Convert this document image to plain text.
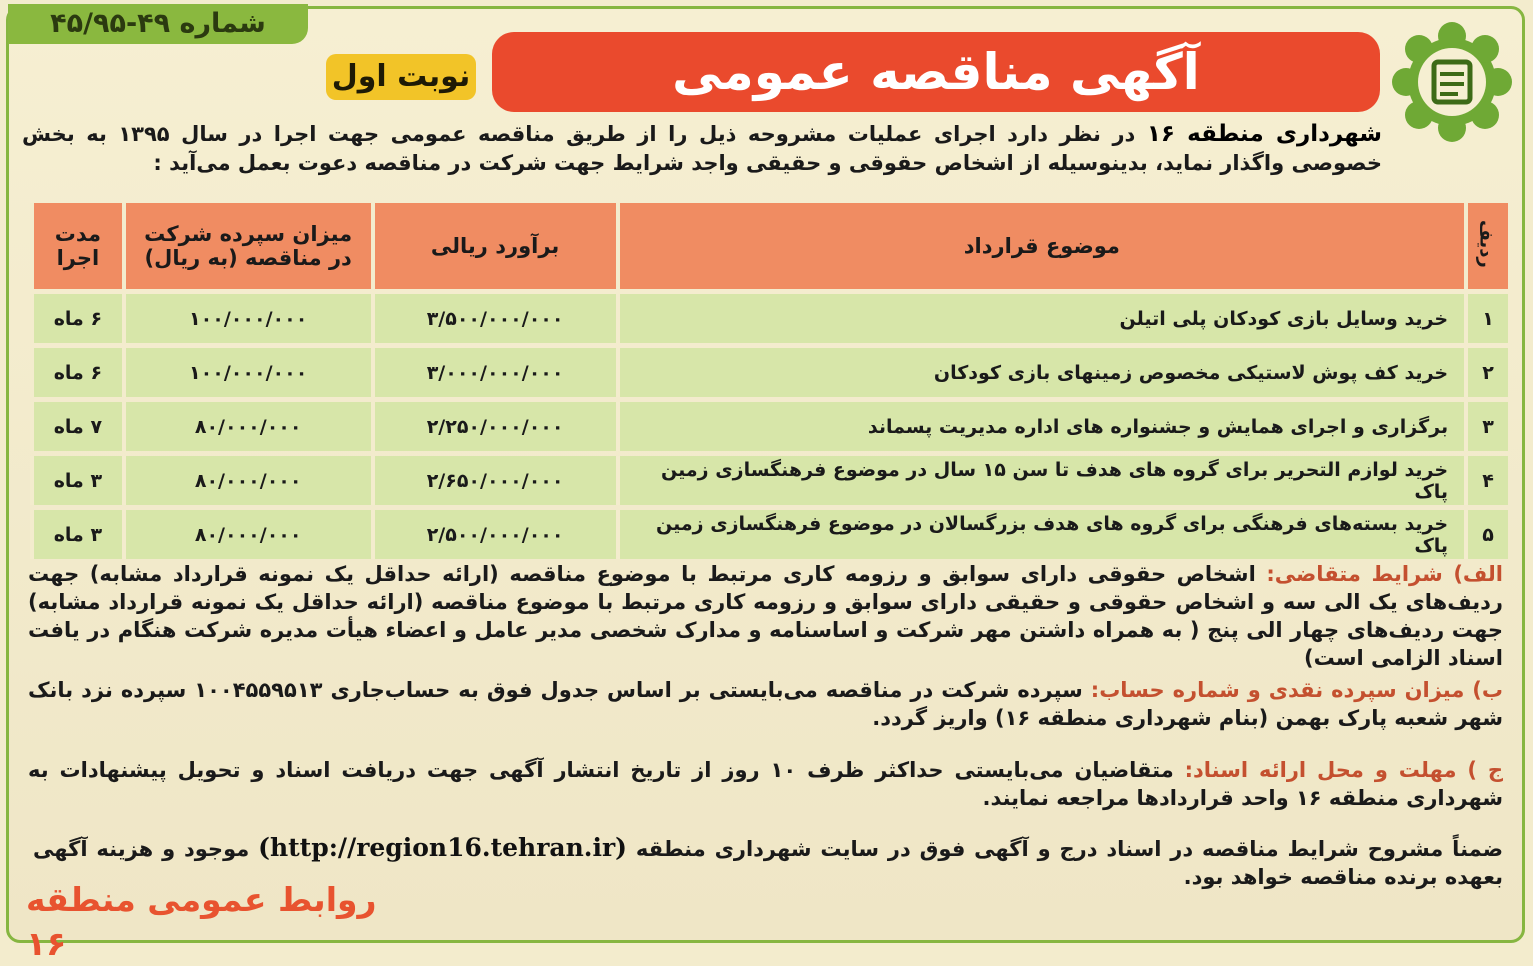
شماره ۴۹-۴۵/۹۵
نوبت اول	آگهی مناقصه عمومی
شهرداری منطقه ۱۶ در نظر دارد اجرای عملیات مشروحه ذیل را از طریق مناقصه عمومی جهت اجرا در سال ۱۳۹۵ به بخش خصوصی واگذار نماید، بدینوسیله از اشخاص حقوقی و حقیقی واجد شرایط جهت شرکت در مناقصه دعوت بعمل می‌آید :
ردیف	موضوع قرارداد	برآورد ریالی	میزان سپرده شرکت در مناقصه (به ریال)	مدت اجرا
۱	خرید وسایل بازی کودکان پلی اتیلن	۳/۵۰۰/۰۰۰/۰۰۰	۱۰۰/۰۰۰/۰۰۰	۶ ماه
۲	خرید کف پوش لاستیکی مخصوص زمینهای بازی کودکان	۳/۰۰۰/۰۰۰/۰۰۰	۱۰۰/۰۰۰/۰۰۰	۶ ماه
۳	برگزاری و اجرای همایش و جشنواره های اداره مدیریت پسماند	۲/۲۵۰/۰۰۰/۰۰۰	۸۰/۰۰۰/۰۰۰	۷ ماه
۴	خرید لوازم التحریر برای گروه های هدف تا سن ۱۵ سال در موضوع فرهنگسازی زمین پاک	۲/۶۵۰/۰۰۰/۰۰۰	۸۰/۰۰۰/۰۰۰	۳ ماه
۵	خرید بسته‌های فرهنگی برای گروه های هدف بزرگسالان در موضوع فرهنگسازی زمین پاک	۲/۵۰۰/۰۰۰/۰۰۰	۸۰/۰۰۰/۰۰۰	۳ ماه
الف) شرایط متقاضی: اشخاص حقوقی دارای سوابق و رزومه کاری مرتبط با موضوع مناقصه (ارائه حداقل یک نمونه قرارداد مشابه) جهت ردیف‌های یک الی سه و اشخاص حقوقی و حقیقی دارای سوابق و رزومه کاری مرتبط با موضوع مناقصه (ارائه حداقل یک نمونه قرارداد مشابه) جهت ردیف‌های چهار الی پنج ( به همراه داشتن مهر شرکت و اساسنامه و مدارک شخصی مدیر عامل و اعضاء هیأت مدیره شرکت هنگام در یافت اسناد الزامی است)
ب) میزان سپرده نقدی و شماره حساب: سپرده شرکت در مناقصه می‌بایستی بر اساس جدول فوق به حساب‌جاری ۱۰۰۴۵۵۹۵۱۳ سپرده نزد بانک شهر شعبه پارک بهمن (بنام شهرداری منطقه ۱۶) واریز گردد.
ج ) مهلت و محل ارائه اسناد: متقاضیان می‌بایستی حداکثر ظرف ۱۰ روز از تاریخ انتشار آگهی جهت دریافت اسناد و تحویل پیشنهادات به شهرداری منطقه ۱۶ واحد قراردادها مراجعه نمایند.
ضمناً مشروح شرایط مناقصه در اسناد درج و آگهی فوق در سایت شهرداری منطقه (http://region16.tehran.ir) موجود و هزینه آگهی بعهده برنده مناقصه خواهد بود.
روابط عمومی منطقه ۱۶
